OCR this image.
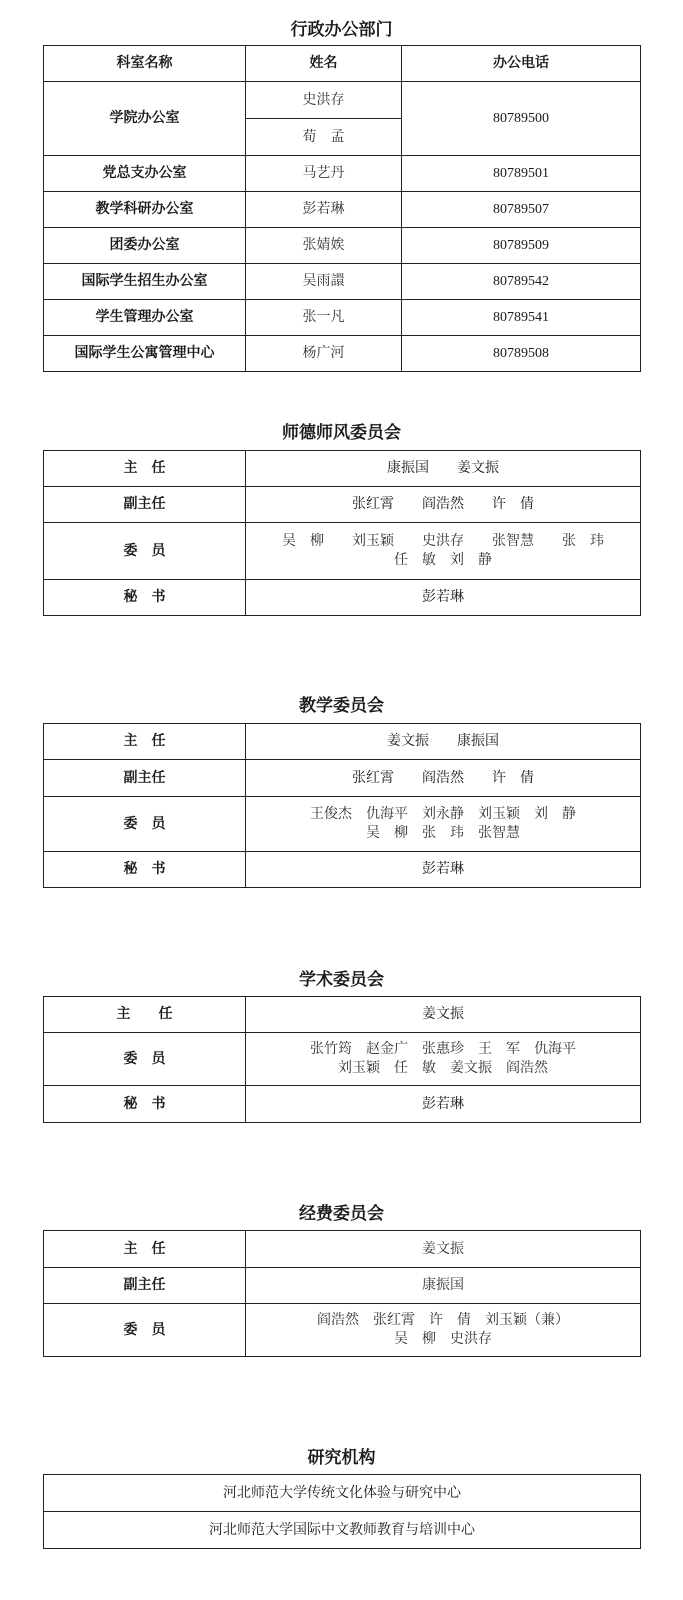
行政办公部门
科室名称	姓名	办公电话
学院办公室	史洪存	80789500
	荀　孟	
党总支办公室	马艺丹	80789501
教学科研办公室	彭若琳	80789507
团委办公室	张婧娭	80789509
国际学生招生办公室	吴雨譞	80789542
学生管理办公室	张一凡	80789541
国际学生公寓管理中心	杨广河	80789508
师德师风委员会
主　任	康振国　　姜文振

副主任	张红霄　　阎浩然　　许　倩

委　员	吴　柳　　刘玉颖　　史洪存　　张智慧　　张　玮
任　敏　刘　静

秘　书	彭若琳
教学委员会
主　任	姜文振　　康振国

副主任	张红霄　　阎浩然　　许　倩

委　员	王俊杰　仇海平　刘永静　刘玉颖　刘　静
吴　柳　张　玮　张智慧

秘　书	彭若琳
学术委员会
主　　任	姜文振

委　员	张竹筠　赵金广　张惠珍　王　军　仇海平
刘玉颖　任　敏　姜文振　阎浩然

秘　书	彭若琳
经费委员会
主　任	姜文振

副主任	康振国

委　员	阎浩然　张红霄　许　倩　刘玉颖（兼）
吴　柳　史洪存
研究机构
河北师范大学传统文化体验与研究中心
河北师范大学国际中文教师教育与培训中心
